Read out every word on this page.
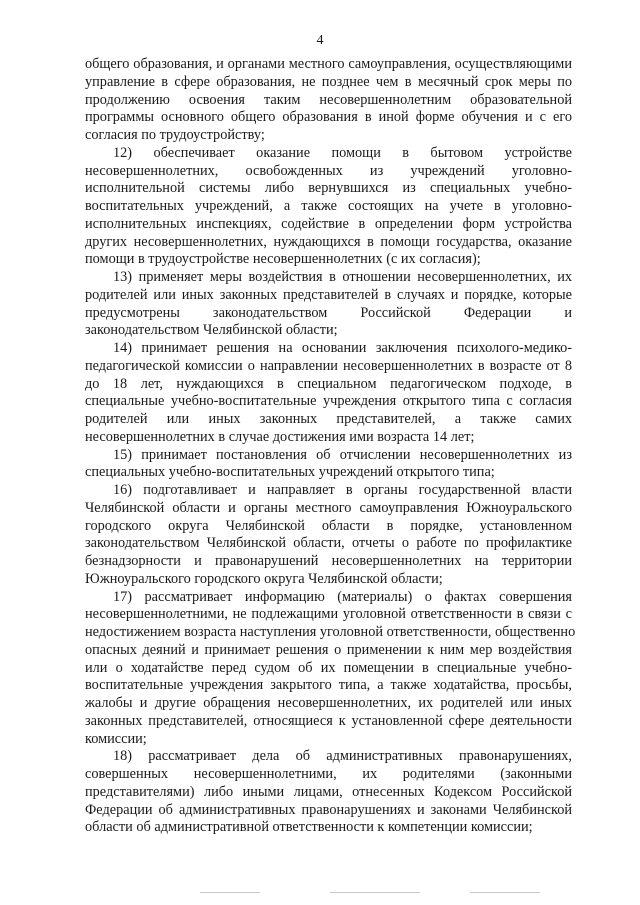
4
общего образования, и органами местного самоуправления, осуществляющими
управление в сфере образования, не позднее чем в месячный срок меры по
продолжению освоения таким несовершеннолетним образовательной
программы основного общего образования в иной форме обучения и с его
согласия по трудоустройству;
12) обеспечивает оказание помощи в бытовом устройстве
несовершеннолетних, освобожденных из учреждений уголовно-
исполнительной системы либо вернувшихся из специальных учебно-
воспитательных учреждений, а также состоящих на учете в уголовно-
исполнительных инспекциях, содействие в определении форм устройства
других несовершеннолетних, нуждающихся в помощи государства, оказание
помощи в трудоустройстве несовершеннолетних (с их согласия);
13) применяет меры воздействия в отношении несовершеннолетних, их
родителей или иных законных представителей в случаях и порядке, которые
предусмотрены законодательством Российской Федерации и
законодательством Челябинской области;
14) принимает решения на основании заключения психолого-медико-
педагогической комиссии о направлении несовершеннолетних в возрасте от 8
до 18 лет, нуждающихся в специальном педагогическом подходе, в
специальные учебно-воспитательные учреждения открытого типа с согласия
родителей или иных законных представителей, а также самих
несовершеннолетних в случае достижения ими возраста 14 лет;
15) принимает постановления об отчислении несовершеннолетних из
специальных учебно-воспитательных учреждений открытого типа;
16) подготавливает и направляет в органы государственной власти
Челябинской области и органы местного самоуправления Южноуральского
городского округа Челябинской области в порядке, установленном
законодательством Челябинской области, отчеты о работе по профилактике
безнадзорности и правонарушений несовершеннолетних на территории
Южноуральского городского округа Челябинской области;
17) рассматривает информацию (материалы) о фактах совершения
несовершеннолетними, не подлежащими уголовной ответственности в связи с
недостижением возраста наступления уголовной ответственности, общественно
опасных деяний и принимает решения о применении к ним мер воздействия
или о ходатайстве перед судом об их помещении в специальные учебно-
воспитательные учреждения закрытого типа, а также ходатайства, просьбы,
жалобы и другие обращения несовершеннолетних, их родителей или иных
законных представителей, относящиеся к установленной сфере деятельности
комиссии;
18) рассматривает дела об административных правонарушениях,
совершенных несовершеннолетними, их родителями (законными
представителями) либо иными лицами, отнесенных Кодексом Российской
Федерации об административных правонарушениях и законами Челябинской
области об административной ответственности к компетенции комиссии;
